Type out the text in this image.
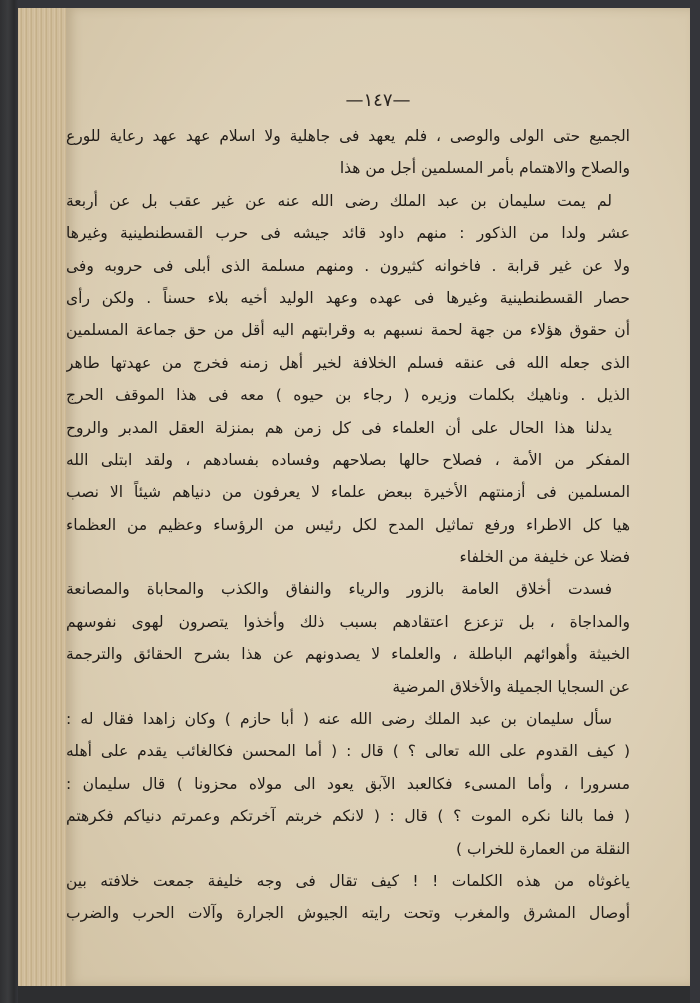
—١٤٧—
الجميع حتى الولى والوصى ، فلم يعهد فى جاهلية ولا اسلام عهد عهد رعاية للورع
والصلاح والاهتمام بأمر المسلمين أجل من هذا
لم يمت سليمان بن عبد الملك رضى الله عنه عن غير عقب بل عن أربعة
عشر ولدا من الذكور : منهم داود قائد جيشه فى حرب القسطنطينية وغيرها
ولا عن غير قرابة . فاخوانه كثيرون . ومنهم مسلمة الذى أبلى فى حروبه وفى
حصار القسطنطينية وغيرها فى عهده وعهد الوليد أخيه بلاء حسناً . ولكن رأى
أن حقوق هؤلاء من جهة لحمة نسبهم به وقرابتهم اليه أقل من حق جماعة المسلمين
الذى جعله الله فى عنقه فسلم الخلافة لخير أهل زمنه فخرج من عهدتها طاهر
الذيل . وناهيك بكلمات وزيره ( رجاء بن حيوه ) معه فى هذا الموقف الحرج
يدلنا هذا الحال على أن العلماء فى كل زمن هم بمنزلة العقل المدبر والروح
المفكر من الأمة ، فصلاح حالها بصلاحهم وفساده بفسادهم ، ولقد ابتلى الله
المسلمين فى أزمنتهم الأخيرة ببعض علماء لا يعرفون من دنياهم شيئاً الا نصب
هيا كل الاطراء ورفع تماثيل المدح لكل رئيس من الرؤساء وعظيم من العظماء
فضلا عن خليفة من الخلفاء
فسدت أخلاق العامة بالزور والرياء والنفاق والكذب والمحاباة والمصانعة
والمداجاة ، بل تزعزع اعتقادهم بسبب ذلك وأخذوا يتصرون لهوى نفوسهم
الخبيثة وأهوائهم الباطلة ، والعلماء لا يصدونهم عن هذا بشرح الحقائق والترجمة
عن السجايا الجميلة والأخلاق المرضية
سأل سليمان بن عبد الملك رضى الله عنه ( أبا حازم ) وكان زاهدا فقال له :
( كيف القدوم على الله تعالى ؟ ) قال : ( أما المحسن فكالغائب يقدم على أهله
مسرورا ، وأما المسىء فكالعبد الآبق يعود الى مولاه محزونا ) قال سليمان :
( فما بالنا نكره الموت ؟ ) قال : ( لانكم خربتم آخرتكم وعمرتم دنياكم فكرهتم
النقلة من العمارة للخراب )
ياغوثاه من هذه الكلمات ! ! كيف تقال فى وجه خليفة جمعت خلافته بين
أوصال المشرق والمغرب وتحت رايته الجيوش الجرارة وآلات الحرب والضرب
